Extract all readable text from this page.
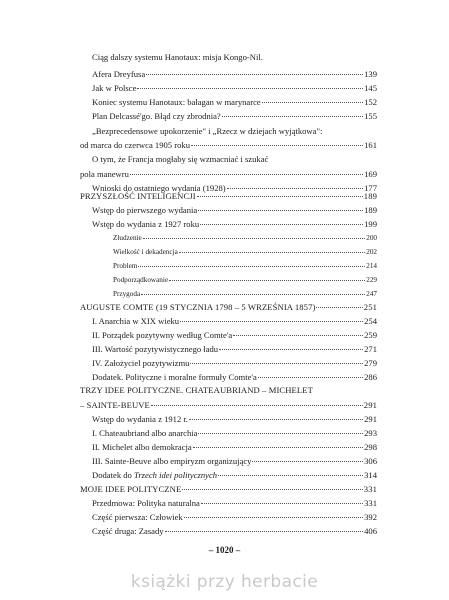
Ciąg dalszy systemu Hanotaux: misja Kongo-Nil.
Afera Dreyfusa	139
Jak w Polsce	145
Koniec systemu Hanotaux: bałagan w marynarce	152
Plan Delcassé'go. Błąd czy zbrodnia?	155
„Bezprecedensowe upokorzenie" i „Rzecz w dziejach wyjątkowa":
od marca do czerwca 1905 roku	161
O tym, że Francja mogłaby się wzmacniać i szukać
pola manewru	169
Wnioski do ostatniego wydania (1928)	177
PRZYSZŁOŚĆ INTELIGENCJI	189
Wstęp do pierwszego wydania	189
Wstęp do wydania z 1927 roku	199
Złudzenie	200
Wielkość i dekadencja	202
Problem	214
Podporządkowanie	229
Przygoda	247
AUGUSTE COMTE (19 STYCZNIA 1798 – 5 WRZEŚNIA 1857)	251
I. Anarchia w XIX wieku	254
II. Porządek pozytywny według Comte'a	259
III. Wartość pozytywistycznego ładu	271
IV. Założyciel pozytywizmu	279
Dodatek. Polityczne i moralne formuły Comte'a	286
TRZY IDEE POLITYCZNE. CHATEAUBRIAND – MICHELET
– SAINTE-BEUVE	291
Wstęp do wydania z 1912 r.	291
I. Chateaubriand albo anarchia	293
II. Michelet albo demokracja	298
III. Sainte-Beuve albo empiryzm organizujący	306
Dodatek do Trzech idei politycznych	314
MOJE IDEE POLITYCZNE	331
Przedmowa: Polityka naturalna	331
Część pierwsza: Człowiek	392
Część druga: Zasady	406
– 1020 –
książki przy herbacie
